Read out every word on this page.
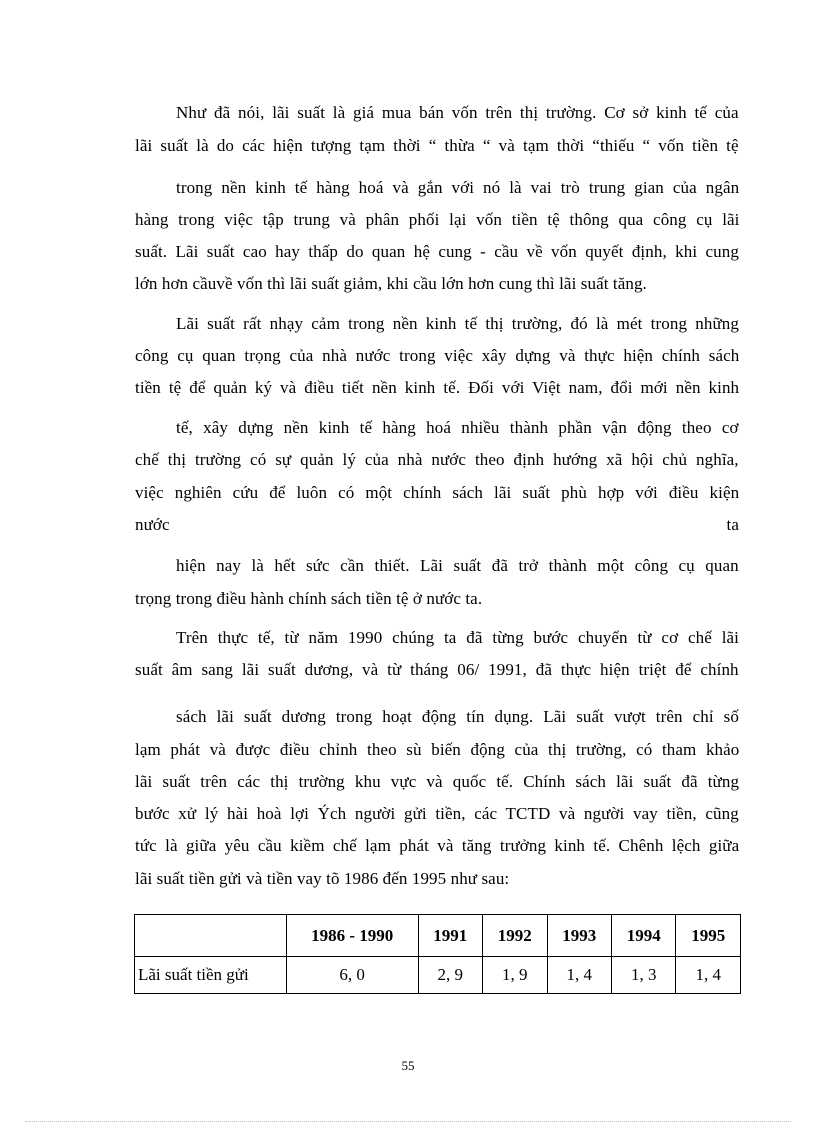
Như đã nói, lãi suất là giá mua bán vốn trên thị trường. Cơ sở kinh tế của
lãi suất là do các hiện tượng tạm thời “ thừa “ và tạm thời “thiếu “ vốn tiền tệ
trong nền kinh tế hàng hoá và gắn với nó là vai trò trung gian của ngân
hàng trong việc tập trung và phân phối lại vốn tiền tệ thông qua công cụ lãi
suất. Lãi suất cao hay thấp do quan hệ cung - cầu về vốn quyết định, khi cung
lớn hơn cầuvề vốn thì lãi suất giảm, khi cầu lớn hơn cung thì lãi suất tăng.
Lãi suất rất nhạy cảm trong nền kinh tế thị trường, đó là mét trong những
công cụ quan trọng của nhà nước trong việc xây dựng và thực hiện chính sách
tiền tệ để quản ký và điều tiết nền kinh tế. Đối với Việt nam, đổi mới nền kinh
tế, xây dựng nền kinh tế hàng hoá nhiều thành phần vận động theo cơ
chế thị trường có sự quản lý của nhà nước theo định hướng xã hội chủ nghĩa,
việc nghiên cứu để luôn có một chính sách lãi suất phù hợp với điều kiện
nước	ta
hiện nay là hết sức cần thiết. Lãi suất đã trở thành một công cụ quan
trọng trong điều hành chính sách tiền tệ ở nước ta.
Trên thực tế, từ năm 1990 chúng ta đã từng bước chuyển từ cơ chế lãi
suất âm sang lãi suất dương, và từ tháng 06/ 1991, đã thực hiện triệt để chính
sách lãi suất dương trong hoạt động tín dụng. Lãi suất vượt trên chỉ số
lạm phát và được điều chỉnh theo sù biến động của thị trường, có tham khảo
lãi suất trên các thị trường khu vực và quốc tế. Chính sách lãi suất đã từng
bước xử lý hài hoà lợi Ých người gửi tiền, các TCTD và người vay tiền, cũng
tức là giữa yêu cầu kiềm chế lạm phát và tăng trưởng kinh tế. Chênh lệch giữa
lãi suất tiền gửi và tiền vay tõ 1986 đến 1995 như sau:
	1986 - 1990	1991	1992	1993	1994	1995
Lãi suất tiền gửi	6, 0	2, 9	1, 9	1, 4	1, 3	1, 4
55
